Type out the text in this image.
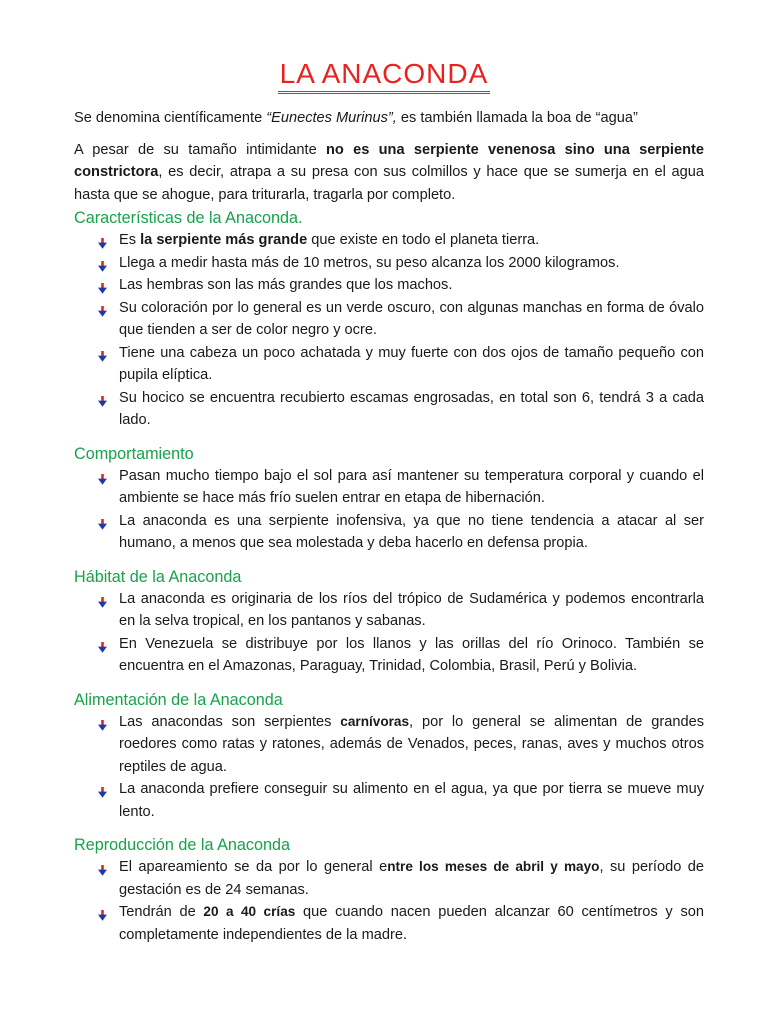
LA ANACONDA

Se denomina científicamente “Eunectes Murinus”, es también llamada la boa de “agua”

A pesar de su tamaño intimidante no es una serpiente venenosa sino una serpiente constrictora, es decir, atrapa a su presa con sus colmillos y hace que se sumerja en el agua hasta que se ahogue, para triturarla, tragarla por completo.

Características de la Anaconda.
Es la serpiente más grande que existe en todo el planeta tierra.
Llega a medir hasta más de 10 metros, su peso alcanza los 2000 kilogramos.
Las hembras son las más grandes que los machos.
Su coloración por lo general es un verde oscuro, con algunas manchas en forma de óvalo que tienden a ser de color negro y ocre.
Tiene una cabeza un poco achatada y muy fuerte con dos ojos de tamaño pequeño con pupila elíptica.
Su hocico se encuentra recubierto escamas engrosadas, en total son 6, tendrá 3 a cada lado.
Comportamiento
Pasan mucho tiempo bajo el sol para así mantener su temperatura corporal y cuando el ambiente se hace más frío suelen entrar en etapa de hibernación.
La anaconda es una serpiente inofensiva, ya que no tiene tendencia a atacar al ser humano, a menos que sea molestada y deba hacerlo en defensa propia.
Hábitat de la Anaconda
La anaconda es originaria de los ríos del trópico de Sudamérica y podemos encontrarla en la selva tropical, en los pantanos y sabanas.
En Venezuela se distribuye por los llanos y las orillas del río Orinoco. También se encuentra en el Amazonas, Paraguay, Trinidad, Colombia, Brasil, Perú y Bolivia.
Alimentación de la Anaconda
Las anacondas son serpientes carnívoras, por lo general se alimentan de grandes roedores como ratas y ratones, además de Venados, peces, ranas, aves y muchos otros reptiles de agua.
La anaconda prefiere conseguir su alimento en el agua, ya que por tierra se mueve muy lento.
Reproducción de la Anaconda
El apareamiento se da por lo general entre los meses de abril y mayo, su período de gestación es de 24 semanas.
Tendrán de 20 a 40 crías que cuando nacen pueden alcanzar 60 centímetros y son completamente independientes de la madre.
